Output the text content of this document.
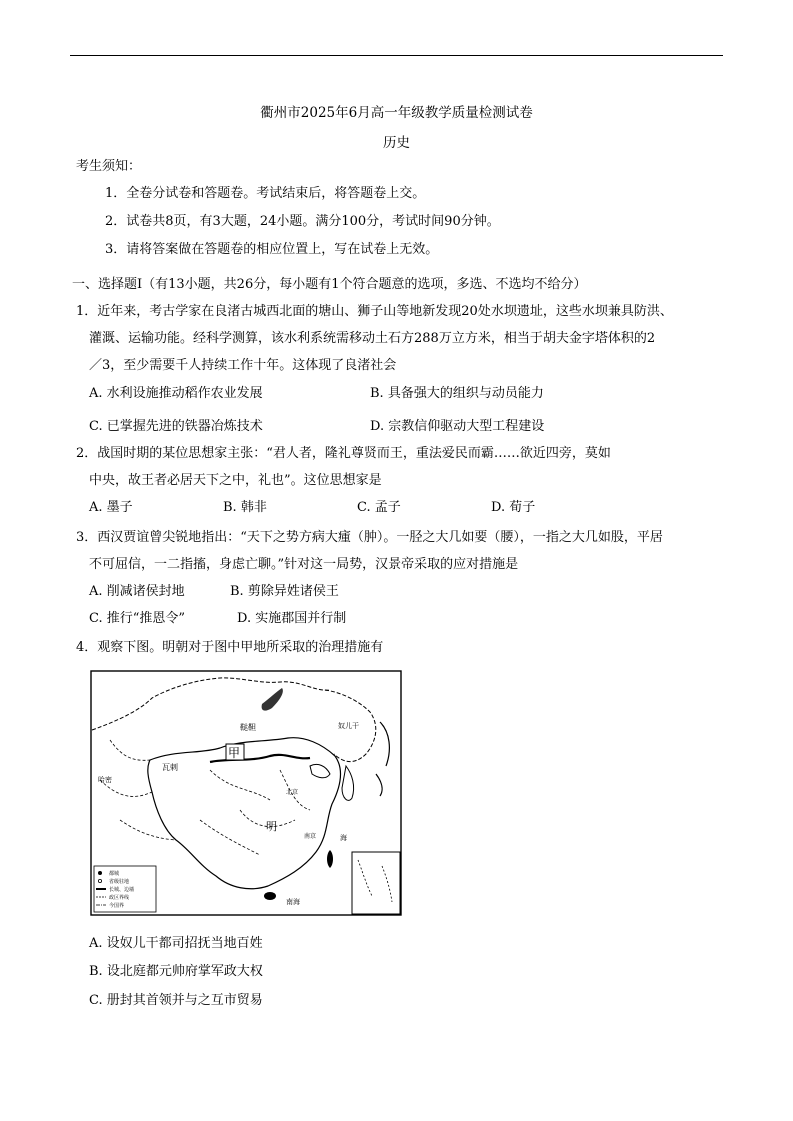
衢州市2025年6月高一年级教学质量检测试卷
历史
考生须知：
1．全卷分试卷和答题卷。考试结束后，将答题卷上交。
2．试卷共8页，有3大题，24小题。满分100分，考试时间90分钟。
3．请将答案做在答题卷的相应位置上，写在试卷上无效。
一、选择题Ⅰ（有13小题，共26分，每小题有1个符合题意的选项，多选、不选均不给分）
1．近年来，考古学家在良渚古城西北面的塘山、狮子山等地新发现20处水坝遗址，这些水坝兼具防洪、
灌溉、运输功能。经科学测算，该水利系统需移动土石方288万立方米，相当于胡夫金字塔体积的2
／3，至少需要千人持续工作十年。这体现了良渚社会
A. 水利设施推动稻作农业发展	B. 具备强大的组织与动员能力
C. 已掌握先进的铁器冶炼技术	D. 宗教信仰驱动大型工程建设
2．战国时期的某位思想家主张：“君人者，隆礼尊贤而王，重法爱民而霸……欲近四旁，莫如
中央，故王者必居天下之中，礼也”。这位思想家是
A. 墨子	B. 韩非	C. 孟子	D. 荀子
3．西汉贾谊曾尖锐地指出：“天下之势方病大瘇（肿）。一胫之大几如要（腰），一指之大几如股，平居
不可屈信，一二指搐，身虑亡聊。”针对这一局势，汉景帝采取的应对措施是
A. 削减诸侯封地	B. 剪除异姓诸侯王
C. 推行“推恩令”	D. 实施郡国并行制
4．观察下图。明朝对于图中甲地所采取的治理措施有
都城
省级驻地
长城、边墙
政区界线
今国界
甲
明
瓦剌
鞑靼	奴儿干
哈密
北京
南京	海
南海
A. 设奴儿干都司招抚当地百姓
B. 设北庭都元帅府掌军政大权
C. 册封其首领并与之互市贸易
